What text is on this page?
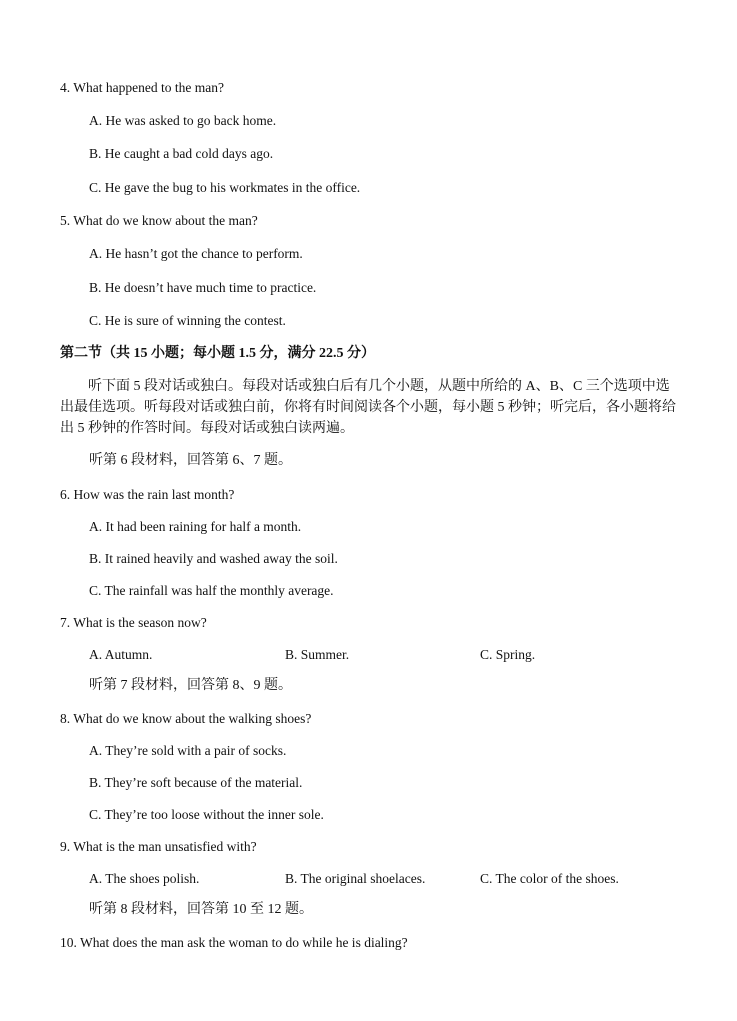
4. What happened to the man?
A. He was asked to go back home.
B. He caught a bad cold days ago.
C. He gave the bug to his workmates in the office.
5. What do we know about the man?
A. He hasn’t got the chance to perform.
B. He doesn’t have much time to practice.
C. He is sure of winning the contest.
第二节（共 15 小题；每小题 1.5 分，满分 22.5 分）
听下面 5 段对话或独白。每段对话或独白后有几个小题，从题中所给的 A、B、C 三个选项中选出最佳选项。听每段对话或独白前，你将有时间阅读各个小题，每小题 5 秒钟；听完后，各小题将给出 5 秒钟的作答时间。每段对话或独白读两遍。
听第 6 段材料，回答第 6、7 题。
6. How was the rain last month?
A. It had been raining for half a month.
B. It rained heavily and washed away the soil.
C. The rainfall was half the monthly average.
7. What is the season now?
A. Autumn.	B. Summer.	C. Spring.
听第 7 段材料，回答第 8、9 题。
8. What do we know about the walking shoes?
A. They’re sold with a pair of socks.
B. They’re soft because of the material.
C. They’re too loose without the inner sole.
9. What is the man unsatisfied with?
A. The shoes polish.	B. The original shoelaces.	C. The color of the shoes.
听第 8 段材料，回答第 10 至 12 题。
10. What does the man ask the woman to do while he is dialing?
